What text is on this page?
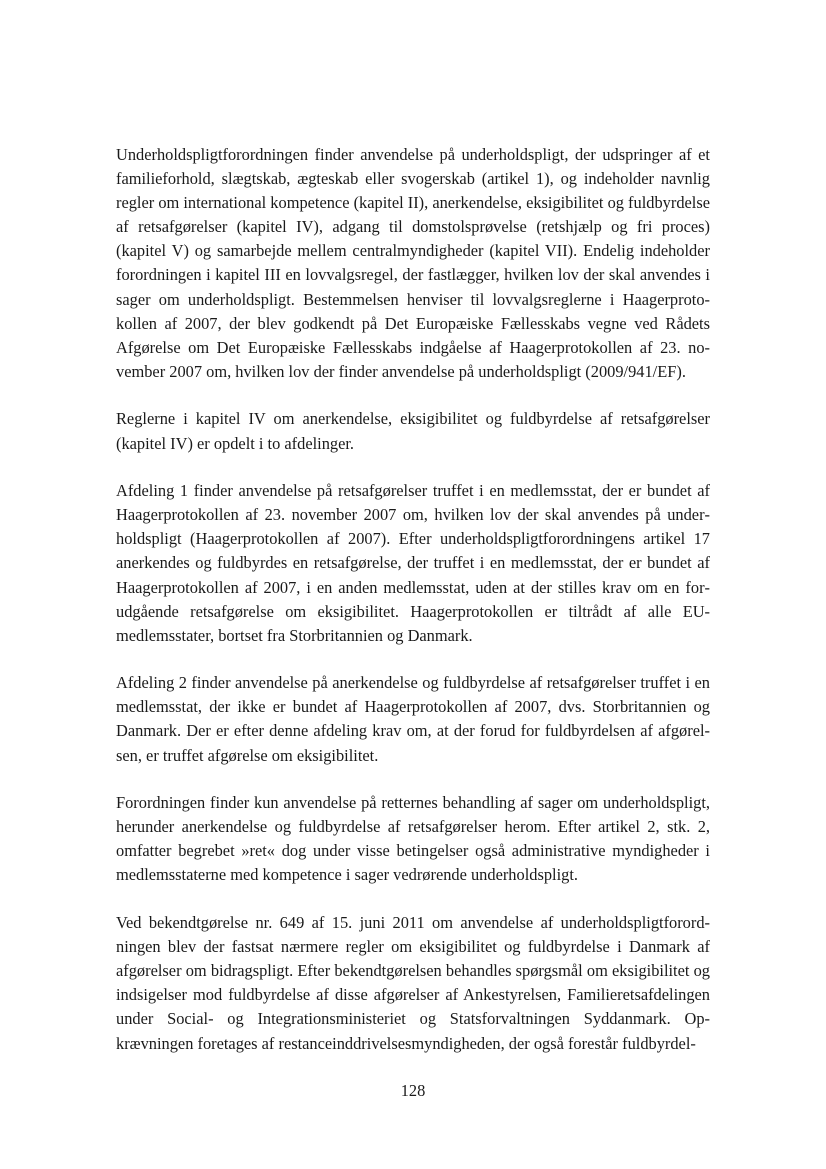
Underholdspligtforordningen finder anvendelse på underholdspligt, der udspringer af et familieforhold, slægtskab, ægteskab eller svogerskab (artikel 1), og indeholder navnlig regler om international kompetence (kapitel II), anerkendelse, eksigibilitet og fuldbyrdelse af retsafgørelser (kapitel IV), adgang til domstolsprøvelse (retshjælp og fri proces) (kapitel V) og samarbejde mellem centralmyndigheder (kapitel VII). Endelig indeholder forordningen i kapitel III en lovvalgsregel, der fastlægger, hvilken lov der skal anvendes i sager om underholdspligt. Bestemmelsen henviser til lovvalgsreglerne i Haagerprotokollen af 2007, der blev godkendt på Det Europæiske Fællesskabs vegne ved Rådets Afgørelse om Det Europæiske Fællesskabs indgåelse af Haagerprotokollen af 23. november 2007 om, hvilken lov der finder anvendelse på underholdspligt (2009/941/EF).

Reglerne i kapitel IV om anerkendelse, eksigibilitet og fuldbyrdelse af retsafgørelser (kapitel IV) er opdelt i to afdelinger.

Afdeling 1 finder anvendelse på retsafgørelser truffet i en medlemsstat, der er bundet af Haagerprotokollen af 23. november 2007 om, hvilken lov der skal anvendes på underholdspligt (Haagerprotokollen af 2007). Efter underholdspligtforordningens artikel 17 anerkendes og fuldbyrdes en retsafgørelse, der truffet i en medlemsstat, der er bundet af Haagerprotokollen af 2007, i en anden medlemsstat, uden at der stilles krav om en forudgående retsafgørelse om eksigibilitet. Haagerprotokollen er tiltrådt af alle EU-medlemsstater, bortset fra Storbritannien og Danmark.

Afdeling 2 finder anvendelse på anerkendelse og fuldbyrdelse af retsafgørelser truffet i en medlemsstat, der ikke er bundet af Haagerprotokollen af 2007, dvs. Storbritannien og Danmark. Der er efter denne afdeling krav om, at der forud for fuldbyrdelsen af afgørelsen, er truffet afgørelse om eksigibilitet.

Forordningen finder kun anvendelse på retternes behandling af sager om underholdspligt, herunder anerkendelse og fuldbyrdelse af retsafgørelser herom. Efter artikel 2, stk. 2, omfatter begrebet »ret« dog under visse betingelser også administrative myndigheder i medlemsstaterne med kompetence i sager vedrørende underholdspligt.

Ved bekendtgørelse nr. 649 af 15. juni 2011 om anvendelse af underholdspligtforordningen blev der fastsat nærmere regler om eksigibilitet og fuldbyrdelse i Danmark af afgørelser om bidragspligt. Efter bekendtgørelsen behandles spørgsmål om eksigibilitet og indsigelser mod fuldbyrdelse af disse afgørelser af Ankestyrelsen, Familieretsafdelingen under Social- og Integrationsministeriet og Statsforvaltningen Syddanmark. Opkrævningen foretages af restanceinddrivelsesmyndigheden, der også forestår fuldbyrdel-

128
